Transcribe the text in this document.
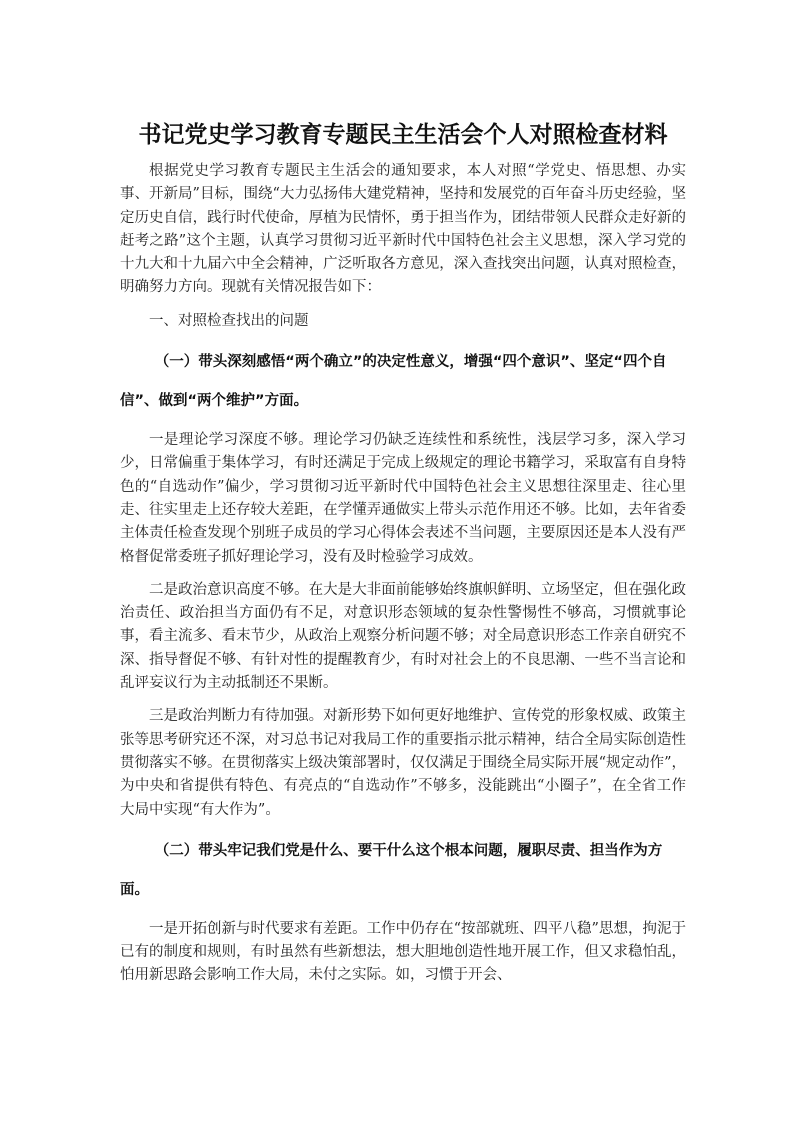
书记党史学习教育专题民主生活会个人对照检查材料

根据党史学习教育专题民主生活会的通知要求，本人对照“学党史、悟思想、办实事、开新局”目标，围绕“大力弘扬伟大建党精神，坚持和发展党的百年奋斗历史经验，坚定历史自信，践行时代使命，厚植为民情怀，勇于担当作为，团结带领人民群众走好新的赶考之路”这个主题，认真学习贯彻习近平新时代中国特色社会主义思想，深入学习党的十九大和十九届六中全会精神，广泛听取各方意见，深入查找突出问题，认真对照检查，明确努力方向。现就有关情况报告如下：

一、对照检查找出的问题

（一）带头深刻感悟“两个确立”的决定性意义，增强“四个意识”、坚定“四个自信”、做到“两个维护”方面。

一是理论学习深度不够。理论学习仍缺乏连续性和系统性，浅层学习多，深入学习少，日常偏重于集体学习，有时还满足于完成上级规定的理论书籍学习，采取富有自身特色的“自选动作”偏少，学习贯彻习近平新时代中国特色社会主义思想往深里走、往心里走、往实里走上还存较大差距，在学懂弄通做实上带头示范作用还不够。比如，去年省委主体责任检查发现个别班子成员的学习心得体会表述不当问题，主要原因还是本人没有严格督促常委班子抓好理论学习，没有及时检验学习成效。

二是政治意识高度不够。在大是大非面前能够始终旗帜鲜明、立场坚定，但在强化政治责任、政治担当方面仍有不足，对意识形态领域的复杂性警惕性不够高，习惯就事论事，看主流多、看末节少，从政治上观察分析问题不够；对全局意识形态工作亲自研究不深、指导督促不够、有针对性的提醒教育少，有时对社会上的不良思潮、一些不当言论和乱评妄议行为主动抵制还不果断。

三是政治判断力有待加强。对新形势下如何更好地维护、宣传党的形象权威、政策主张等思考研究还不深，对习总书记对我局工作的重要指示批示精神，结合全局实际创造性贯彻落实不够。在贯彻落实上级决策部署时，仅仅满足于围绕全局实际开展“规定动作”，为中央和省提供有特色、有亮点的“自选动作”不够多，没能跳出“小圈子”，在全省工作大局中实现“有大作为”。

（二）带头牢记我们党是什么、要干什么这个根本问题，履职尽责、担当作为方面。

一是开拓创新与时代要求有差距。工作中仍存在“按部就班、四平八稳”思想，拘泥于已有的制度和规则，有时虽然有些新想法，想大胆地创造性地开展工作，但又求稳怕乱，怕用新思路会影响工作大局，未付之实际。如，习惯于开会、
